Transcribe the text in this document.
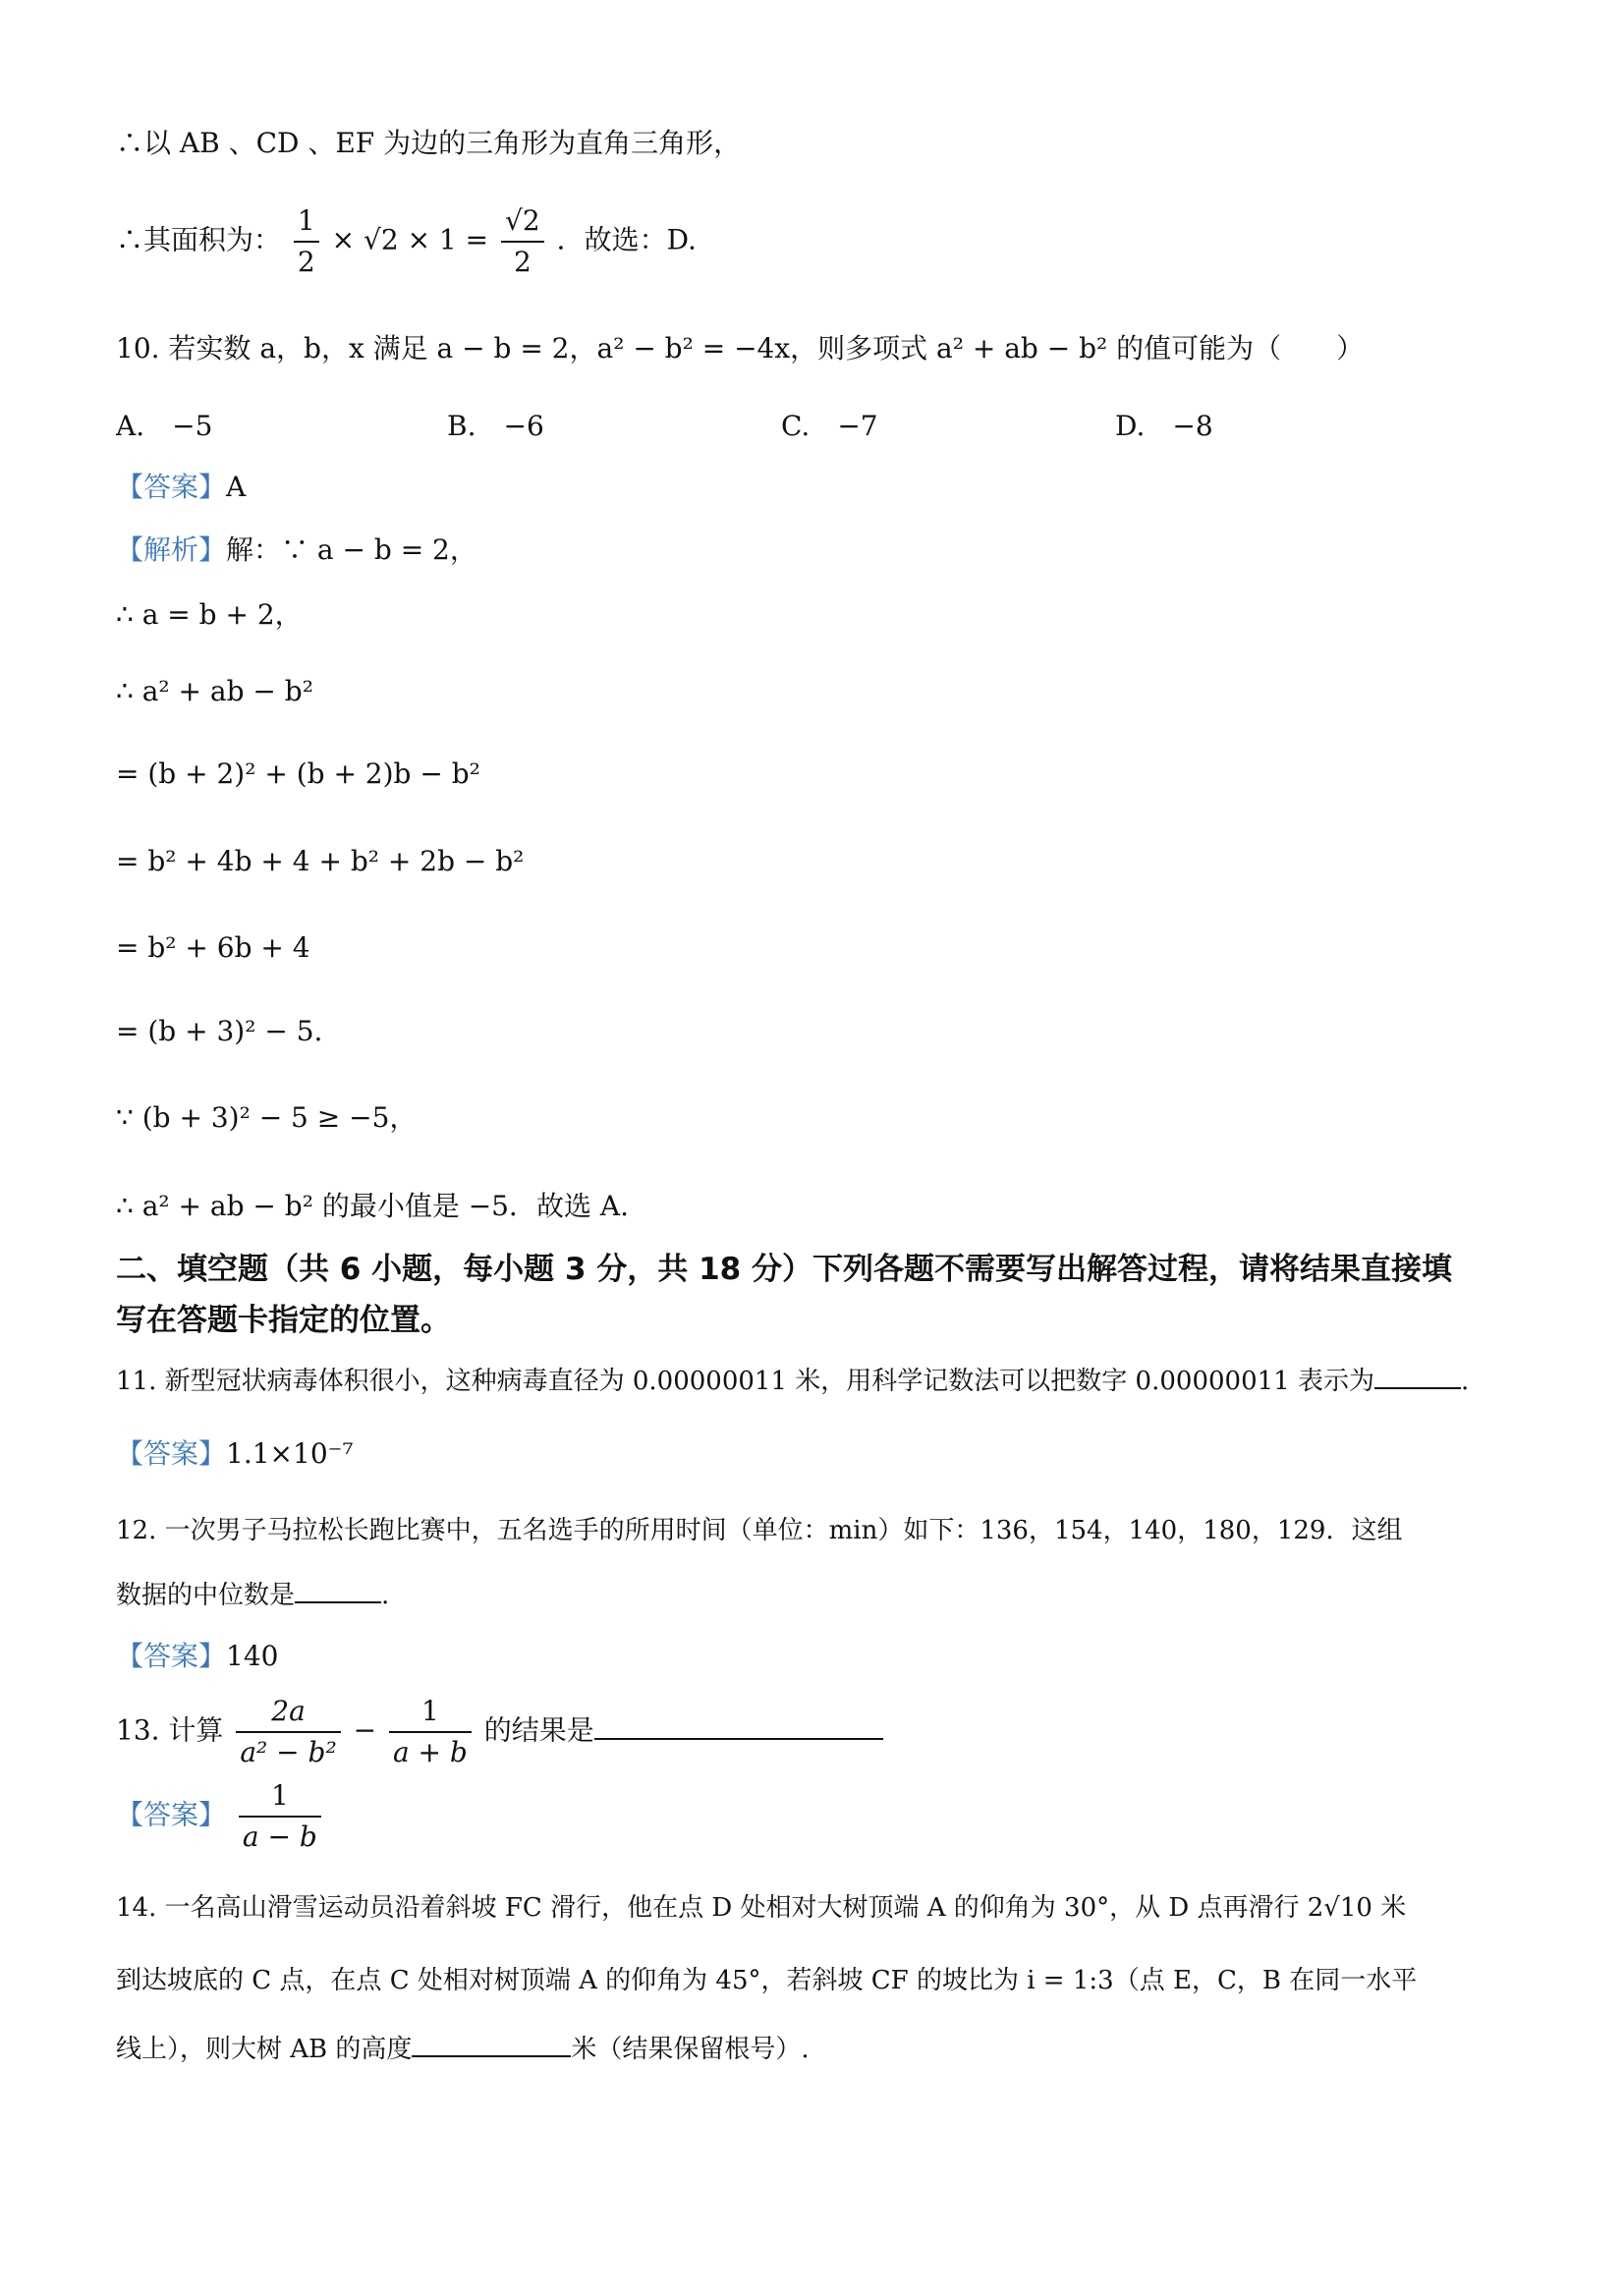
∴以 AB 、CD 、EF 为边的三角形为直角三角形，
∴其面积为： $\frac{1}{2} \times √2 \times 1 = \frac{√2}{2}$ ．故选：D.
10. 若实数 a，b，x 满足 a − b = 2，a² − b² = −4x，则多项式 a² + ab − b² 的值可能为（　　）
A.　−5	B.　−6	C.　−7	D.　−8
【答案】A
【解析】解：∵ a − b = 2，
∴ a = b + 2，
∴ a² + ab − b²
= (b + 2)² + (b + 2)b − b²
= b² + 4b + 4 + b² + 2b − b²
= b² + 6b + 4
= (b + 3)² − 5.
∵ (b + 3)² − 5 ≥ −5，
∴ a² + ab − b² 的最小值是 −5．故选 A.
二、填空题（共 6 小题，每小题 3 分，共 18 分）下列各题不需要写出解答过程，请将结果直接填
写在答题卡指定的位置。
11. 新型冠状病毒体积很小，这种病毒直径为 0.00000011 米，用科学记数法可以把数字 0.00000011 表示为	.
【答案】1.1×10⁻⁷
12. 一次男子马拉松长跑比赛中，五名选手的所用时间（单位：min）如下：136，154，140，180，129．这组
数据的中位数是	.
【答案】140
13. 计算 $\frac{2a}{\text{a² − b²}} - \frac{1}{a + b}$ 的结果是
【答案】 $\frac{1}{a - b}$
14. 一名高山滑雪运动员沿着斜坡 FC 滑行，他在点 D 处相对大树顶端 A 的仰角为 30°，从 D 点再滑行 2√10 米
到达坡底的 C 点，在点 C 处相对树顶端 A 的仰角为 45°，若斜坡 CF 的坡比为 i = 1:3（点 E，C，B 在同一水平
线上），则大树 AB 的高度	米（结果保留根号）.
